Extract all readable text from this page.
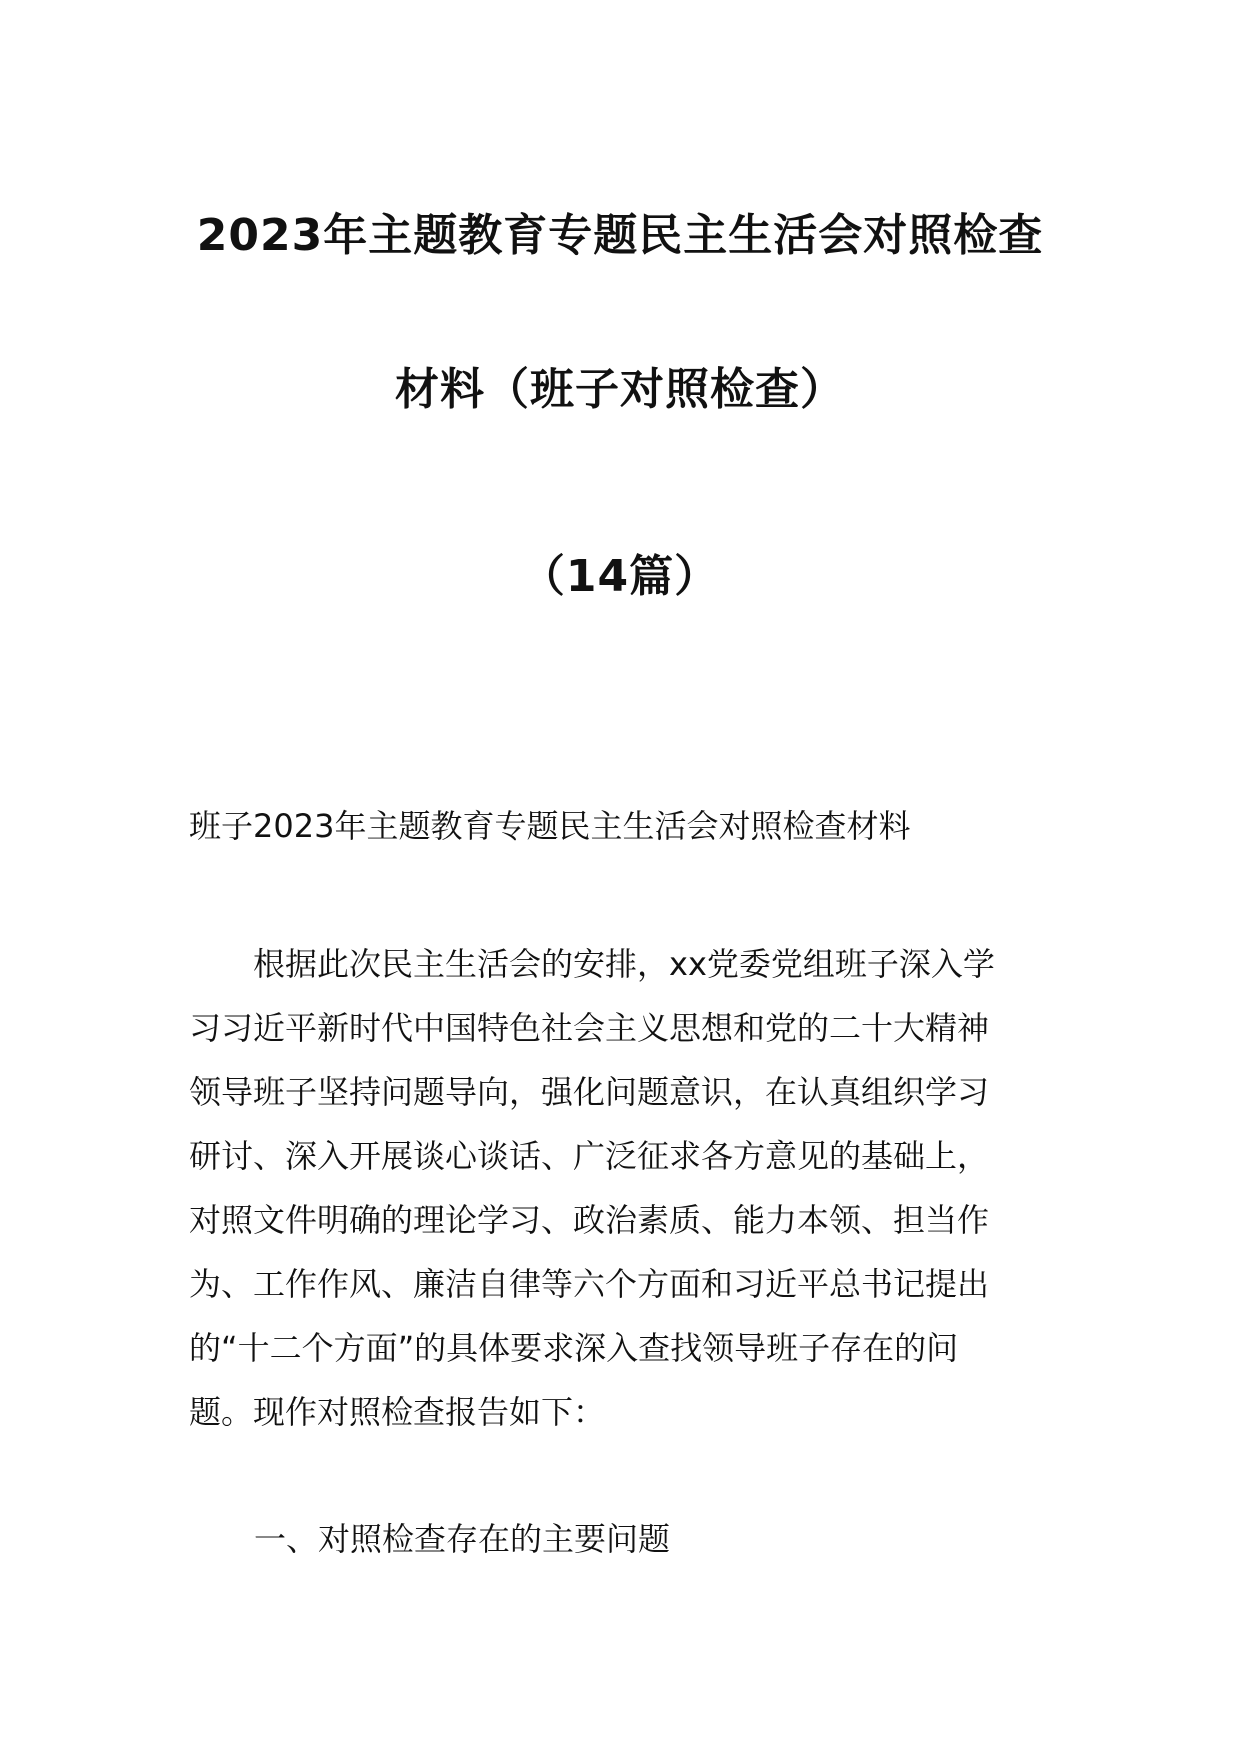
2023年主题教育专题民主生活会对照检查
材料（班子对照检查）
（14篇）
班子2023年主题教育专题民主生活会对照检查材料
　　根据此次民主生活会的安排，xx党委党组班子深入学
习习近平新时代中国特色社会主义思想和党的二十大精神
领导班子坚持问题导向，强化问题意识，在认真组织学习
研讨、深入开展谈心谈话、广泛征求各方意见的基础上，
对照文件明确的理论学习、政治素质、能力本领、担当作
为、工作作风、廉洁自律等六个方面和习近平总书记提出
的“十二个方面”的具体要求深入查找领导班子存在的问
题。现作对照检查报告如下：
一、对照检查存在的主要问题
